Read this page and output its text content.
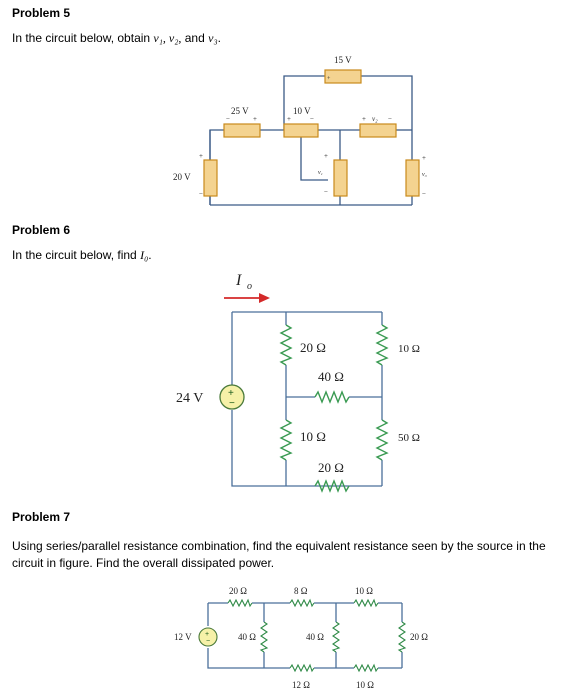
Problem 5
In the circuit below, obtain v₁, v₂, and v₃.
Problem 6
In the circuit below, find I₀.
Problem 7
Using series/parallel resistance combination, find the equivalent resistance seen by the source in the
circuit in figure. Find the overall dissipated power.
15 V
+
25 V
−	+
10 V
+	−	+ v₂ −
20 V
+
−
+
v₁
−
+
v₃
−
I o
+
−
24 V
20 Ω	10 Ω
40 Ω
10 Ω	50 Ω
20 Ω
+
−
12 V
20 Ω	8 Ω	10 Ω
40 Ω	40 Ω	20 Ω
12 Ω	10 Ω
